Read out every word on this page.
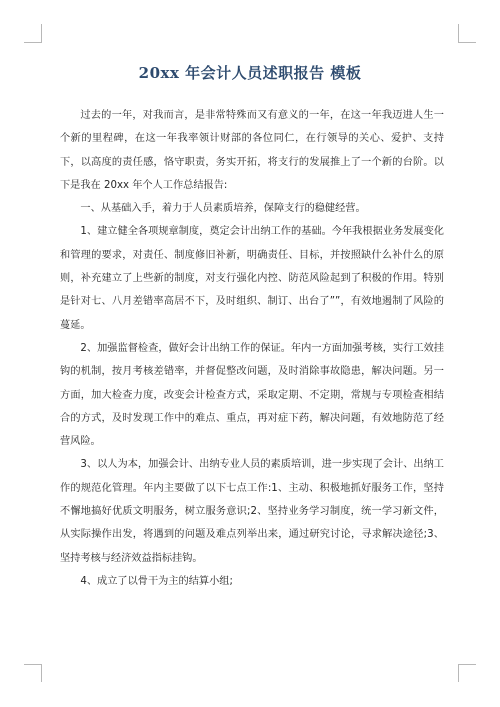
20xx 年会计人员述职报告 模板

过去的一年，对我而言，是非常特殊而又有意义的一年，在这一年我迈进人生一个新的里程碑，在这一年我率领计财部的各位同仁，在行领导的关心、爱护、支持下，以高度的责任感，恪守职责，务实开拓，将支行的发展推上了一个新的台阶。以下是我在 20xx 年个人工作总结报告:

一、从基础入手，着力于人员素质培养，保障支行的稳健经营。

1、建立健全各项规章制度，奠定会计出纳工作的基础。今年我根据业务发展变化和管理的要求，对责任、制度修旧补新，明确责任、目标，并按照缺什么补什么的原则，补充建立了上些新的制度，对支行强化内控、防范风险起到了积极的作用。特别是针对七、八月差错率高居不下，及时组织、制订、出台了””，有效地遏制了风险的蔓延。

2、加强监督检查，做好会计出纳工作的保证。年内一方面加强考核，实行工效挂钩的机制，按月考核差错率，并督促整改问题，及时消除事故隐患，解决问题。另一方面，加大检查力度，改变会计检查方式，采取定期、不定期，常规与专项检查相结合的方式，及时发现工作中的难点、重点，再对症下药，解决问题，有效地防范了经营风险。

3、以人为本，加强会计、出纳专业人员的素质培训，进一步实现了会计、出纳工作的规范化管理。年内主要做了以下七点工作:1、主动、积极地抓好服务工作，坚持不懈地搞好优质文明服务，树立服务意识;2、坚持业务学习制度，统一学习新文件，从实际操作出发，将遇到的问题及难点列举出来，通过研究讨论，寻求解决途径;3、坚持考核与经济效益指标挂钩。

4、成立了以骨干为主的结算小组;
